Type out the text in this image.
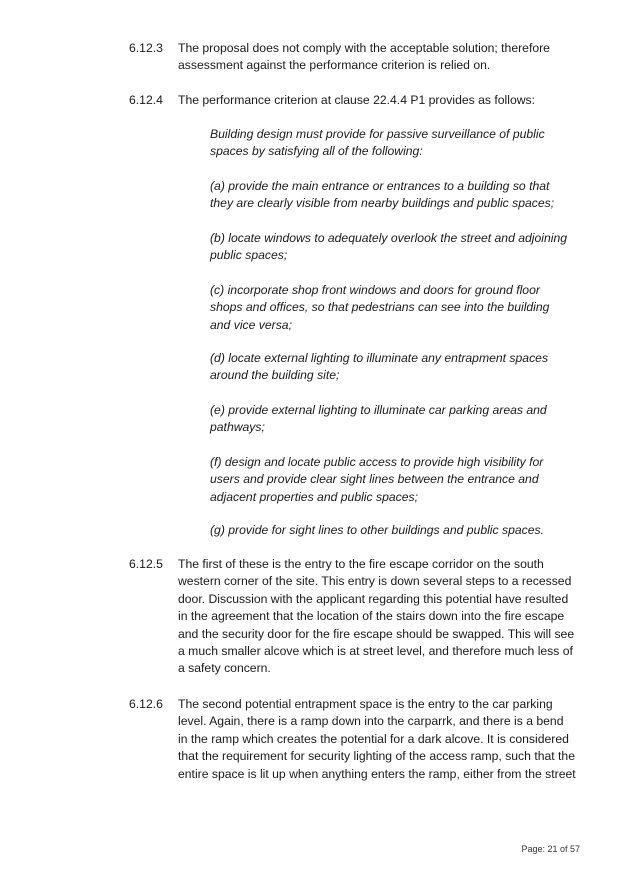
6.12.3 The proposal does not comply with the acceptable solution; therefore
assessment against the performance criterion is relied on.
6.12.4 The performance criterion at clause 22.4.4 P1 provides as follows:
Building design must provide for passive surveillance of public
spaces by satisfying all of the following:
(a) provide the main entrance or entrances to a building so that
they are clearly visible from nearby buildings and public spaces;
(b) locate windows to adequately overlook the street and adjoining
public spaces;
(c) incorporate shop front windows and doors for ground floor
shops and offices, so that pedestrians can see into the building
and vice versa;
(d) locate external lighting to illuminate any entrapment spaces
around the building site;
(e) provide external lighting to illuminate car parking areas and
pathways;
(f) design and locate public access to provide high visibility for
users and provide clear sight lines between the entrance and
adjacent properties and public spaces;
(g) provide for sight lines to other buildings and public spaces.
6.12.5 The first of these is the entry to the fire escape corridor on the south
western corner of the site. This entry is down several steps to a recessed
door. Discussion with the applicant regarding this potential have resulted
in the agreement that the location of the stairs down into the fire escape
and the security door for the fire escape should be swapped. This will see
a much smaller alcove which is at street level, and therefore much less of
a safety concern.
6.12.6 The second potential entrapment space is the entry to the car parking
level. Again, there is a ramp down into the carparrk, and there is a bend
in the ramp which creates the potential for a dark alcove. It is considered
that the requirement for security lighting of the access ramp, such that the
entire space is lit up when anything enters the ramp, either from the street
Page: 21 of 57
